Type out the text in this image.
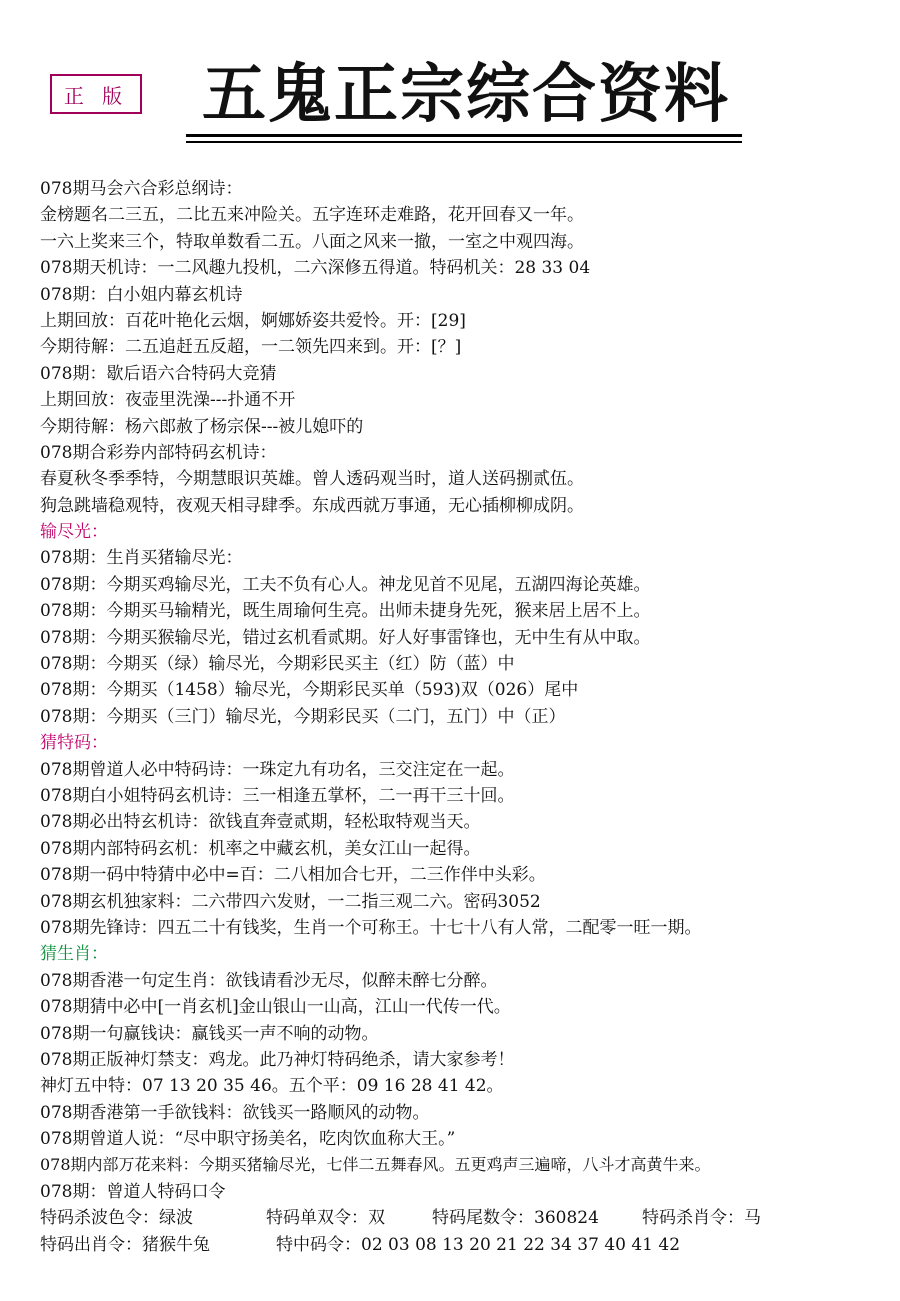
正 版 五鬼正宗综合资料
078期马会六合彩总纲诗：
金榜题名二三五，二比五来冲险关。五字连环走难路，花开回春又一年。
一六上奖来三个，特取单数看二五。八面之风来一撤，一室之中观四海。
078期天机诗：一二风趣九投机，二六深修五得道。特码机关：28 33 04
078期：白小姐内幕玄机诗
上期回放：百花叶艳化云烟，婀娜娇姿共爱怜。开：[29]
今期待解：二五追赶五反超，一二领先四来到。开：[？]
078期：歇后语六合特码大竞猜
上期回放：夜壶里洗澡---扑通不开
今期待解：杨六郎赦了杨宗保---被儿媳吓的
078期合彩券内部特码玄机诗：
春夏秋冬季季特，今期慧眼识英雄。曾人透码观当时，道人送码捌贰伍。
狗急跳墙稳观特，夜观天相寻肆季。东成西就万事通，无心插柳柳成阴。
输尽光：
078期：生肖买猪输尽光：
078期：今期买鸡输尽光，工夫不负有心人。神龙见首不见尾，五湖四海论英雄。
078期：今期买马输精光，既生周瑜何生亮。出师未捷身先死，猴来居上居不上。
078期：今期买猴输尽光，错过玄机看贰期。好人好事雷锋也，无中生有从中取。
078期：今期买（绿）输尽光，今期彩民买主（红）防（蓝）中
078期：今期买（1458）输尽光，今期彩民买单（593)双（026）尾中
078期：今期买（三门）输尽光，今期彩民买（二门，五门）中（正）
猜特码：
078期曾道人必中特码诗：一珠定九有功名，三交注定在一起。
078期白小姐特码玄机诗：三一相逢五掌杯，二一再干三十回。
078期必出特玄机诗：欲钱直奔壹贰期，轻松取特观当天。
078期内部特码玄机：机率之中藏玄机，美女江山一起得。
078期一码中特猜中必中=百：二八相加合七开，二三作伴中头彩。
078期玄机独家料：二六带四六发财，一二指三观二六。密码3052
078期先锋诗：四五二十有钱奖，生肖一个可称王。十七十八有人常，二配零一旺一期。
猜生肖：
078期香港一句定生肖：欲钱请看沙无尽，似醉未醉七分醉。
078期猜中必中[一肖玄机]金山银山一山高，江山一代传一代。
078期一句赢钱诀：赢钱买一声不响的动物。
078期正版神灯禁支：鸡龙。此乃神灯特码绝杀，请大家参考！
神灯五中特：07 13 20 35 46。五个平：09 16 28 41 42。
078期香港第一手欲钱料：欲钱买一路顺风的动物。
078期曾道人说：“尽中职守扬美名，吃肉饮血称大王。”
078期内部万花来料：今期买猪输尽光，七伴二五舞春风。五更鸡声三遍啼，八斗才高黄牛来。
078期：曾道人特码口令
特码杀波色令：绿波	特码单双令：双	特码尾数令：360824	特码杀肖令：马
特码出肖令：猪猴牛兔	特中码令：02 03 08 13 20 21 22 34 37 40 41 42
